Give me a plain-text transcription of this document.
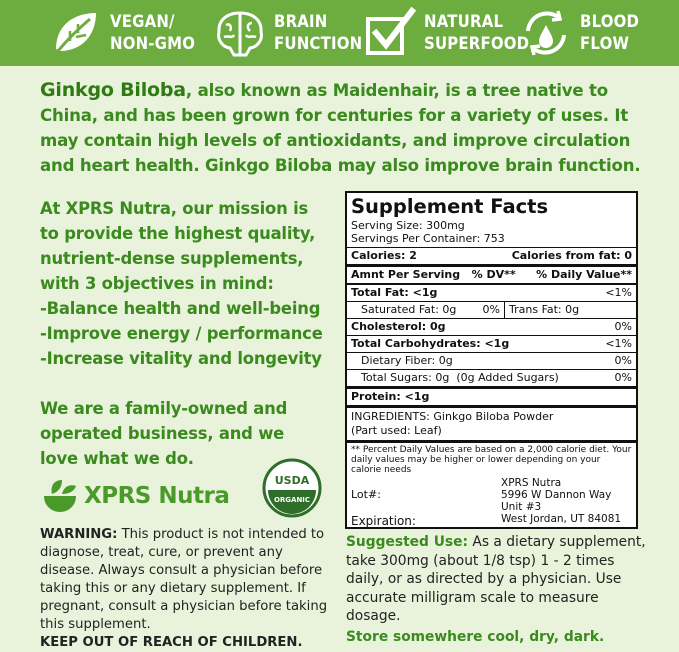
VEGAN/
NON-GMO
BRAIN
FUNCTION
NATURAL
SUPERFOOD
BLOOD
FLOW
Ginkgo Biloba, also known as Maidenhair, is a tree native to China, and has been grown for centuries for a variety of uses. It may contain high levels of antioxidants, and improve circulation and heart health. Ginkgo Biloba may also improve brain function.
At XPRS Nutra, our mission is
to provide the highest quality,
nutrient-dense supplements,
with 3 objectives in mind:
-Balance health and well-being
-Improve energy / performance
-Increase vitality and longevity
We are a family-owned and operated business, and we love what we do.
XPRS Nutra
USDA
ORGANIC
WARNING: This product is not intended to diagnose, treat, cure, or prevent any disease. Always consult a physician before taking this or any dietary supplement. If pregnant, consult a physician before taking this supplement.
KEEP OUT OF REACH OF CHILDREN.
Supplement Facts
Serving Size: 300mg
Servings Per Container: 753
Calories: 2	Calories from fat: 0
Amnt Per Serving % DV** % Daily Value**
Total Fat: <1g	<1%
Saturated Fat: 0g	0% Trans Fat: 0g
Cholesterol: 0g	0%
Total Carbohydrates: <1g	<1%
Dietary Fiber: 0g	0%
Total Sugars: 0g (0g Added Sugars)	0%
Protein: <1g
INGREDIENTS: Ginkgo Biloba Powder
(Part used: Leaf)
** Percent Daily Values are based on a 2,000 calorie diet. Your daily values may be higher or lower depending on your calorie needs
Lot#:
Expiration:
XPRS Nutra
5996 W Dannon Way
Unit #3
West Jordan, UT 84081
Suggested Use: As a dietary supplement, take 300mg (about 1/8 tsp) 1 - 2 times daily, or as directed by a physician. Use accurate milligram scale to measure dosage.
Store somewhere cool, dry, dark.
